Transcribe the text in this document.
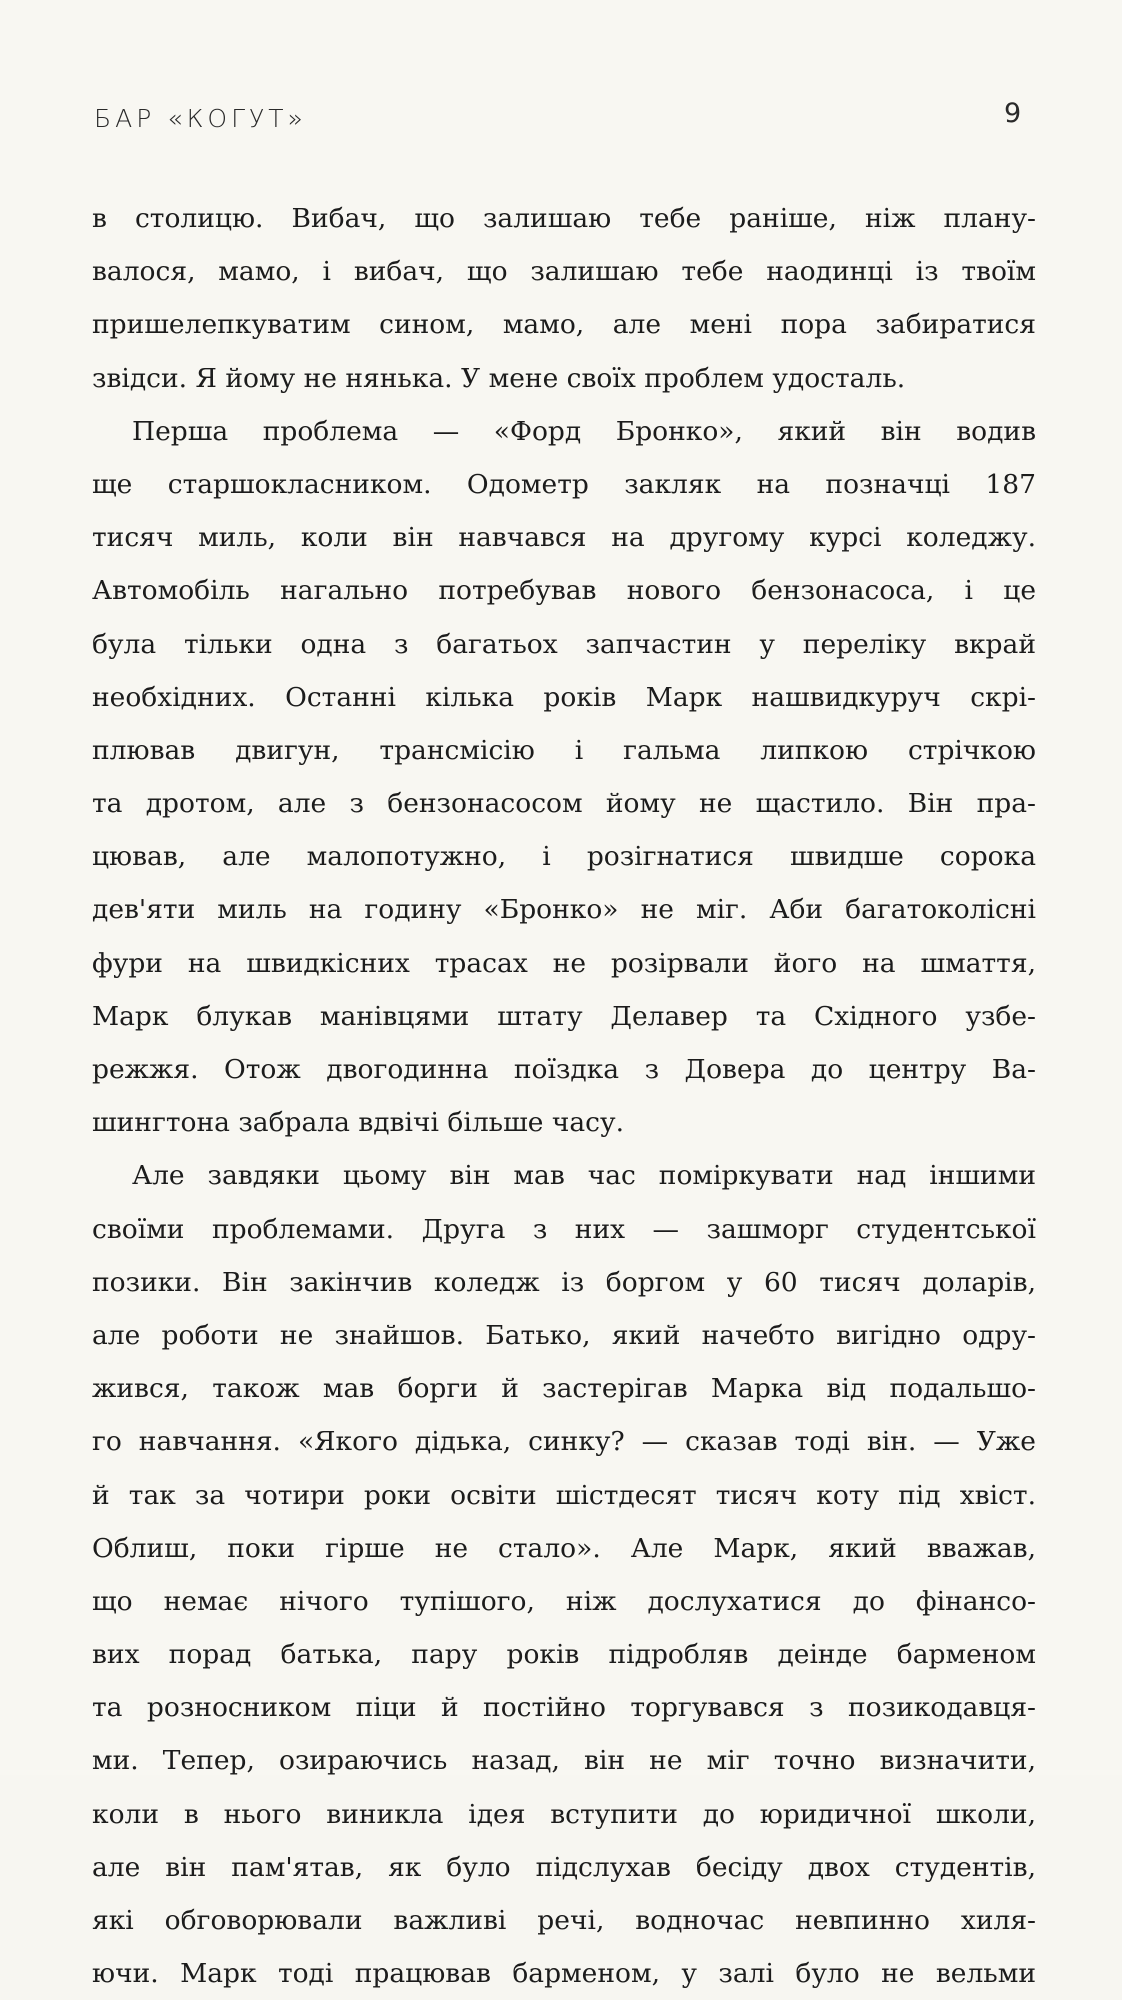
БАР «КОГУТ»	9
в столицю. Вибач, що залишаю тебе раніше, ніж плану-
валося, мамо, і вибач, що залишаю тебе наодинці із твоїм
пришелепкуватим сином, мамо, але мені пора забиратися
звідси. Я йому не нянька. У мене своїх проблем удосталь.
Перша проблема — «Форд Бронко», який він водив
ще старшокласником. Одометр закляк на позначці 187
тисяч миль, коли він навчався на другому курсі коледжу.
Автомобіль нагально потребував нового бензонасоса, і це
була тільки одна з багатьох запчастин у переліку вкрай
необхідних. Останні кілька років Марк нашвидкуруч скрі-
плював двигун, трансмісію і гальма липкою стрічкою
та дротом, але з бензонасосом йому не щастило. Він пра-
цював, але малопотужно, і розігнатися швидше сорока
дев'яти миль на годину «Бронко» не міг. Аби багатоколісні
фури на швидкісних трасах не розірвали його на шмаття,
Марк блукав манівцями штату Делавер та Східного узбе-
режжя. Отож двогодинна поїздка з Довера до центру Ва-
шингтона забрала вдвічі більше часу.
Але завдяки цьому він мав час поміркувати над іншими
своїми проблемами. Друга з них — зашморг студентської
позики. Він закінчив коледж із боргом у 60 тисяч доларів,
але роботи не знайшов. Батько, який начебто вигідно одру-
жився, також мав борги й застерігав Марка від подальшо-
го навчання. «Якого дідька, синку? — сказав тоді він. — Уже
й так за чотири роки освіти шістдесят тисяч коту під хвіст.
Облиш, поки гірше не стало». Але Марк, який вважав,
що немає нічого тупішого, ніж дослухатися до фінансо-
вих порад батька, пару років підробляв деінде барменом
та розносником піци й постійно торгувався з позикодавця-
ми. Тепер, озираючись назад, він не міг точно визначити,
коли в нього виникла ідея вступити до юридичної школи,
але він пам'ятав, як було підслухав бесіду двох студентів,
які обговорювали важливі речі, водночас невпинно хиля-
ючи. Марк тоді працював барменом, у залі було не вельми
